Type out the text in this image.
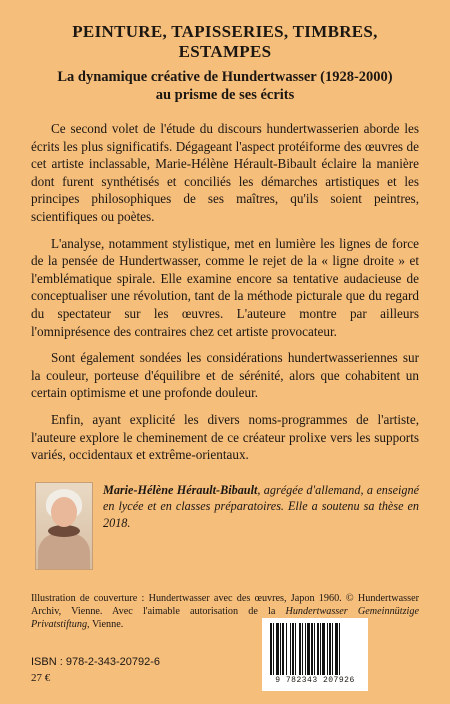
PEINTURE, TAPISSERIES, TIMBRES, ESTAMPES
La dynamique créative de Hundertwasser (1928-2000)
au prisme de ses écrits

Ce second volet de l'étude du discours hundertwasserien aborde les écrits les plus significatifs. Dégageant l'aspect protéiforme des œuvres de cet artiste inclassable, Marie-Hélène Hérault-Bibault éclaire la manière dont furent synthétisés et conciliés les démarches artistiques et les principes philosophiques de ses maîtres, qu'ils soient peintres, scientifiques ou poètes.

L'analyse, notamment stylistique, met en lumière les lignes de force de la pensée de Hundertwasser, comme le rejet de la « ligne droite » et l'emblématique spirale. Elle examine encore sa tentative audacieuse de conceptualiser une révolution, tant de la méthode picturale que du regard du spectateur sur les œuvres. L'auteure montre par ailleurs l'omniprésence des contraires chez cet artiste provocateur.

Sont également sondées les considérations hundertwasseriennes sur la couleur, porteuse d'équilibre et de sérénité, alors que cohabitent un certain optimisme et une profonde douleur.

Enfin, ayant explicité les divers noms-programmes de l'artiste, l'auteure explore le cheminement de ce créateur prolixe vers les supports variés, occidentaux et extrême-orientaux.

Marie-Hélène Hérault-Bibault, agrégée d'allemand, a enseigné en lycée et en classes préparatoires. Elle a soutenu sa thèse en 2018.
Illustration de couverture : Hundertwasser avec des œuvres, Japon 1960. © Hundertwasser Archiv, Vienne. Avec l'aimable autorisation de la Hundertwasser Gemeinnützige Privatstiftung, Vienne.
ISBN : 978-2-343-20792-6
27 €	9 782343 207926
